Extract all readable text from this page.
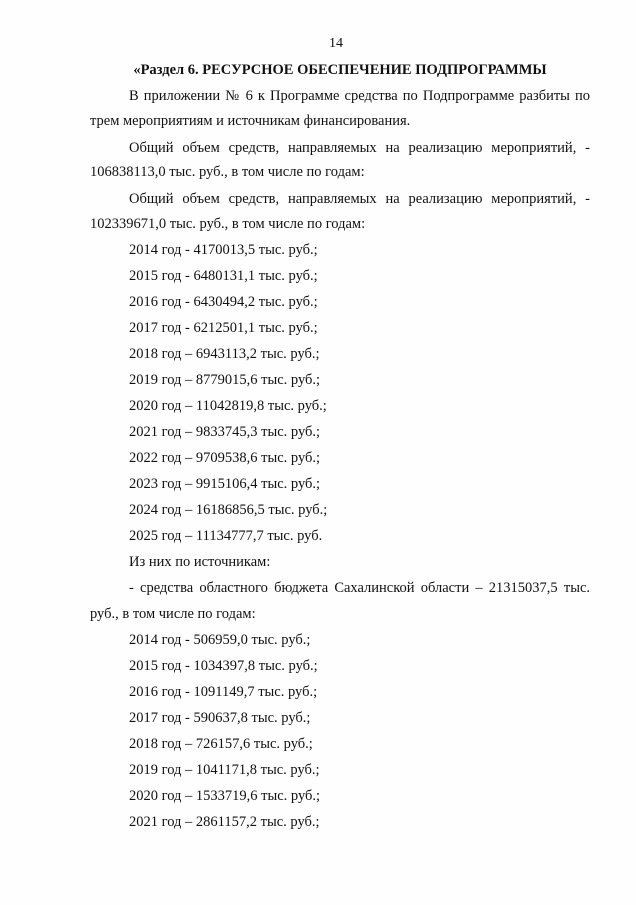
14
«Раздел 6. РЕСУРСНОЕ ОБЕСПЕЧЕНИЕ ПОДПРОГРАММЫ
В приложении № 6 к Программе средства по Подпрограмме разбиты по
трем мероприятиям и источникам финансирования.
Общий объем средств, направляемых на реализацию мероприятий, -
106838113,0 тыс. руб., в том числе по годам:
Общий объем средств, направляемых на реализацию мероприятий, -
102339671,0 тыс. руб., в том числе по годам:
2014 год - 4170013,5 тыс. руб.;
2015 год - 6480131,1 тыс. руб.;
2016 год - 6430494,2 тыс. руб.;
2017 год - 6212501,1 тыс. руб.;
2018 год – 6943113,2 тыс. руб.;
2019 год – 8779015,6 тыс. руб.;
2020 год – 11042819,8 тыс. руб.;
2021 год – 9833745,3 тыс. руб.;
2022 год – 9709538,6 тыс. руб.;
2023 год – 9915106,4 тыс. руб.;
2024 год – 16186856,5 тыс. руб.;
2025 год – 11134777,7 тыс. руб.
Из них по источникам:
- средства областного бюджета Сахалинской области – 21315037,5 тыс.
руб., в том числе по годам:
2014 год - 506959,0 тыс. руб.;
2015 год - 1034397,8 тыс. руб.;
2016 год - 1091149,7 тыс. руб.;
2017 год - 590637,8 тыс. руб.;
2018 год – 726157,6 тыс. руб.;
2019 год – 1041171,8 тыс. руб.;
2020 год – 1533719,6 тыс. руб.;
2021 год – 2861157,2 тыс. руб.;
